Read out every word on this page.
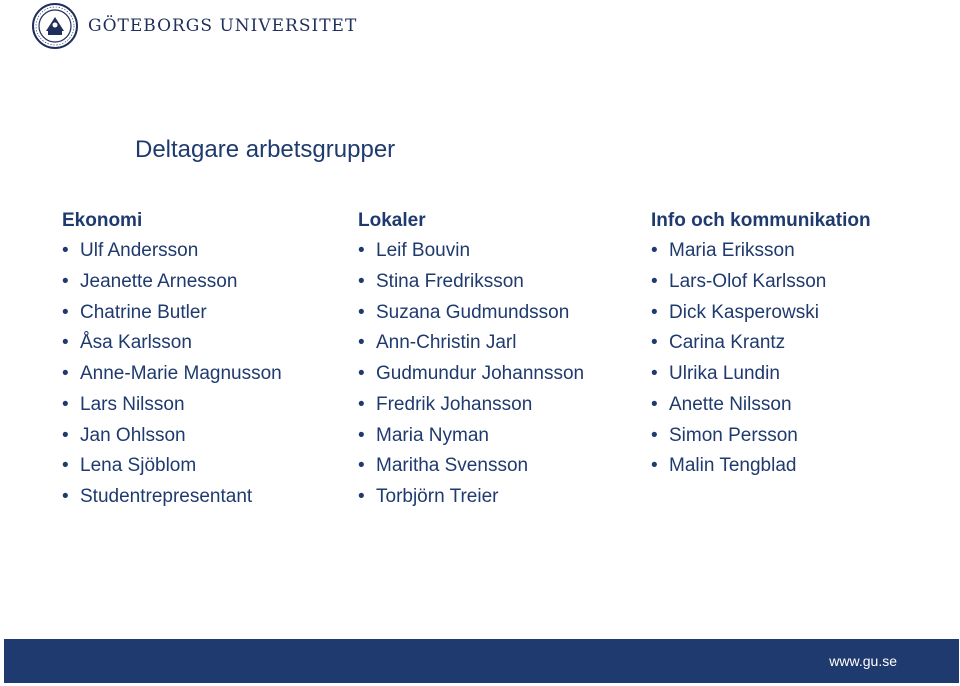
GÖTEBORGS UNIVERSITET
Deltagare arbetsgrupper
Ekonomi
• Ulf Andersson
• Jeanette Arnesson
• Chatrine Butler
• Åsa Karlsson
• Anne-Marie Magnusson
• Lars Nilsson
• Jan Ohlsson
• Lena Sjöblom
• Studentrepresentant
Lokaler
• Leif Bouvin
• Stina Fredriksson
• Suzana Gudmundsson
• Ann-Christin Jarl
• Gudmundur Johannsson
• Fredrik Johansson
• Maria Nyman
• Maritha Svensson
• Torbjörn Treier
Info och kommunikation
• Maria Eriksson
• Lars-Olof Karlsson
• Dick Kasperowski
• Carina Krantz
• Ulrika Lundin
• Anette Nilsson
• Simon Persson
• Malin Tengblad
www.gu.se
